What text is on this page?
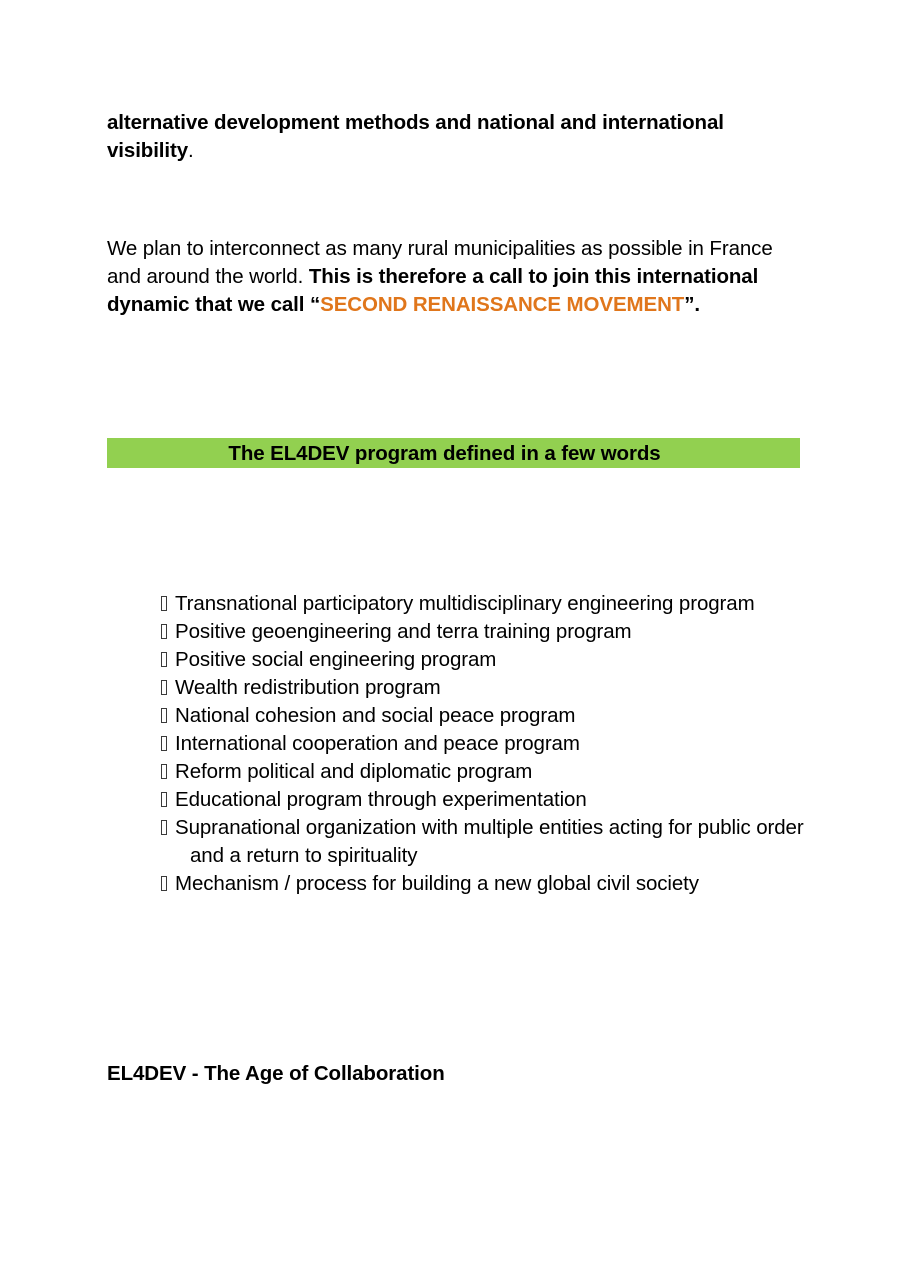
alternative development methods and national and international visibility.
We plan to interconnect as many rural municipalities as possible in France and around the world. This is therefore a call to join this international dynamic that we call “SECOND RENAISSANCE MOVEMENT”.
The EL4DEV program defined in a few words
Transnational participatory multidisciplinary engineering program
Positive geoengineering and terra training program
Positive social engineering program
Wealth redistribution program
National cohesion and social peace program
International cooperation and peace program
Reform political and diplomatic program
Educational program through experimentation
Supranational organization with multiple entities acting for public order
and a return to spirituality
Mechanism / process for building a new global civil society
EL4DEV - The Age of Collaboration
